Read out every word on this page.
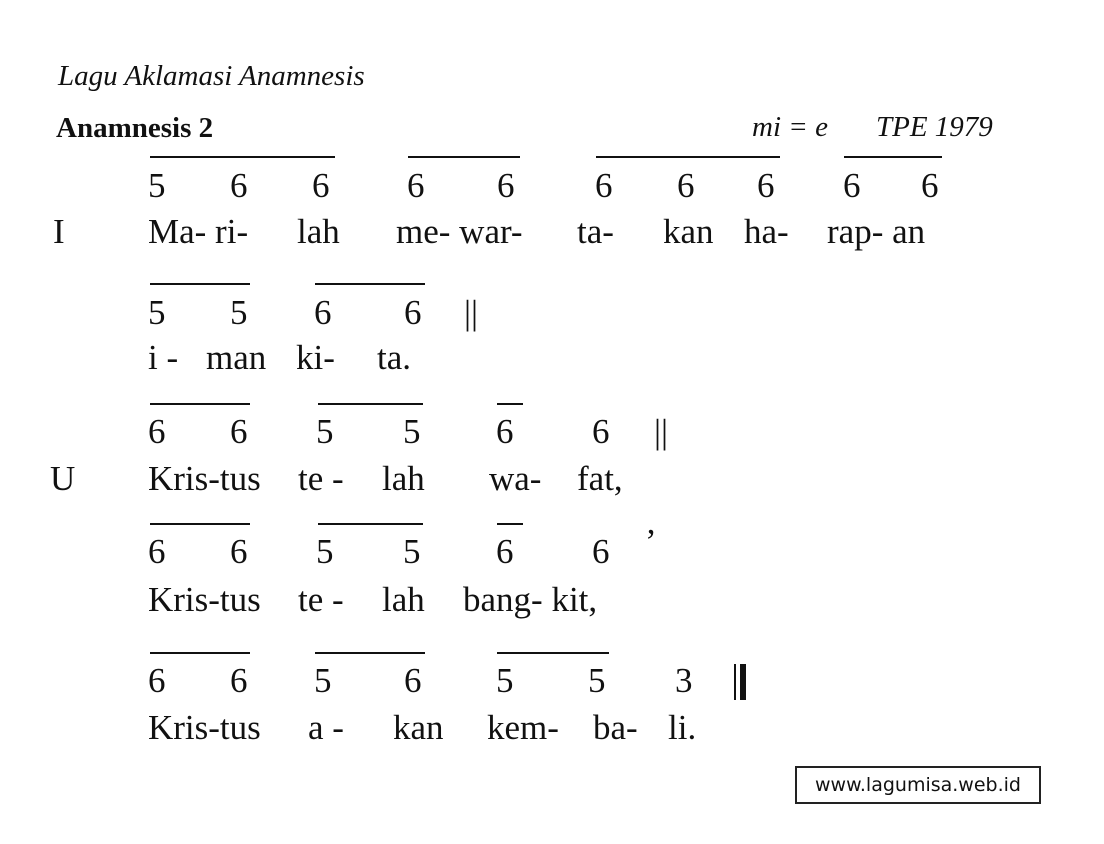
Lagu Aklamasi Anamnesis
Anamnesis 2	mi = e TPE 1979
5 6 6 6 6 6 6 6 6 6
I Ma- ri- lah me- war- ta- kan ha- rap- an
5 5 6 6 ||
i - man ki- ta.
6 6 5 5 6 6 ||
U Kris-tus te - lah wa- fat,
6 6 5 5 6 6 ’
Kris-tus te - lah bang- kit,
6 6 5 6 5 5 3
Kris-tus a - kan kem- ba- li.
www.lagumisa.web.id
